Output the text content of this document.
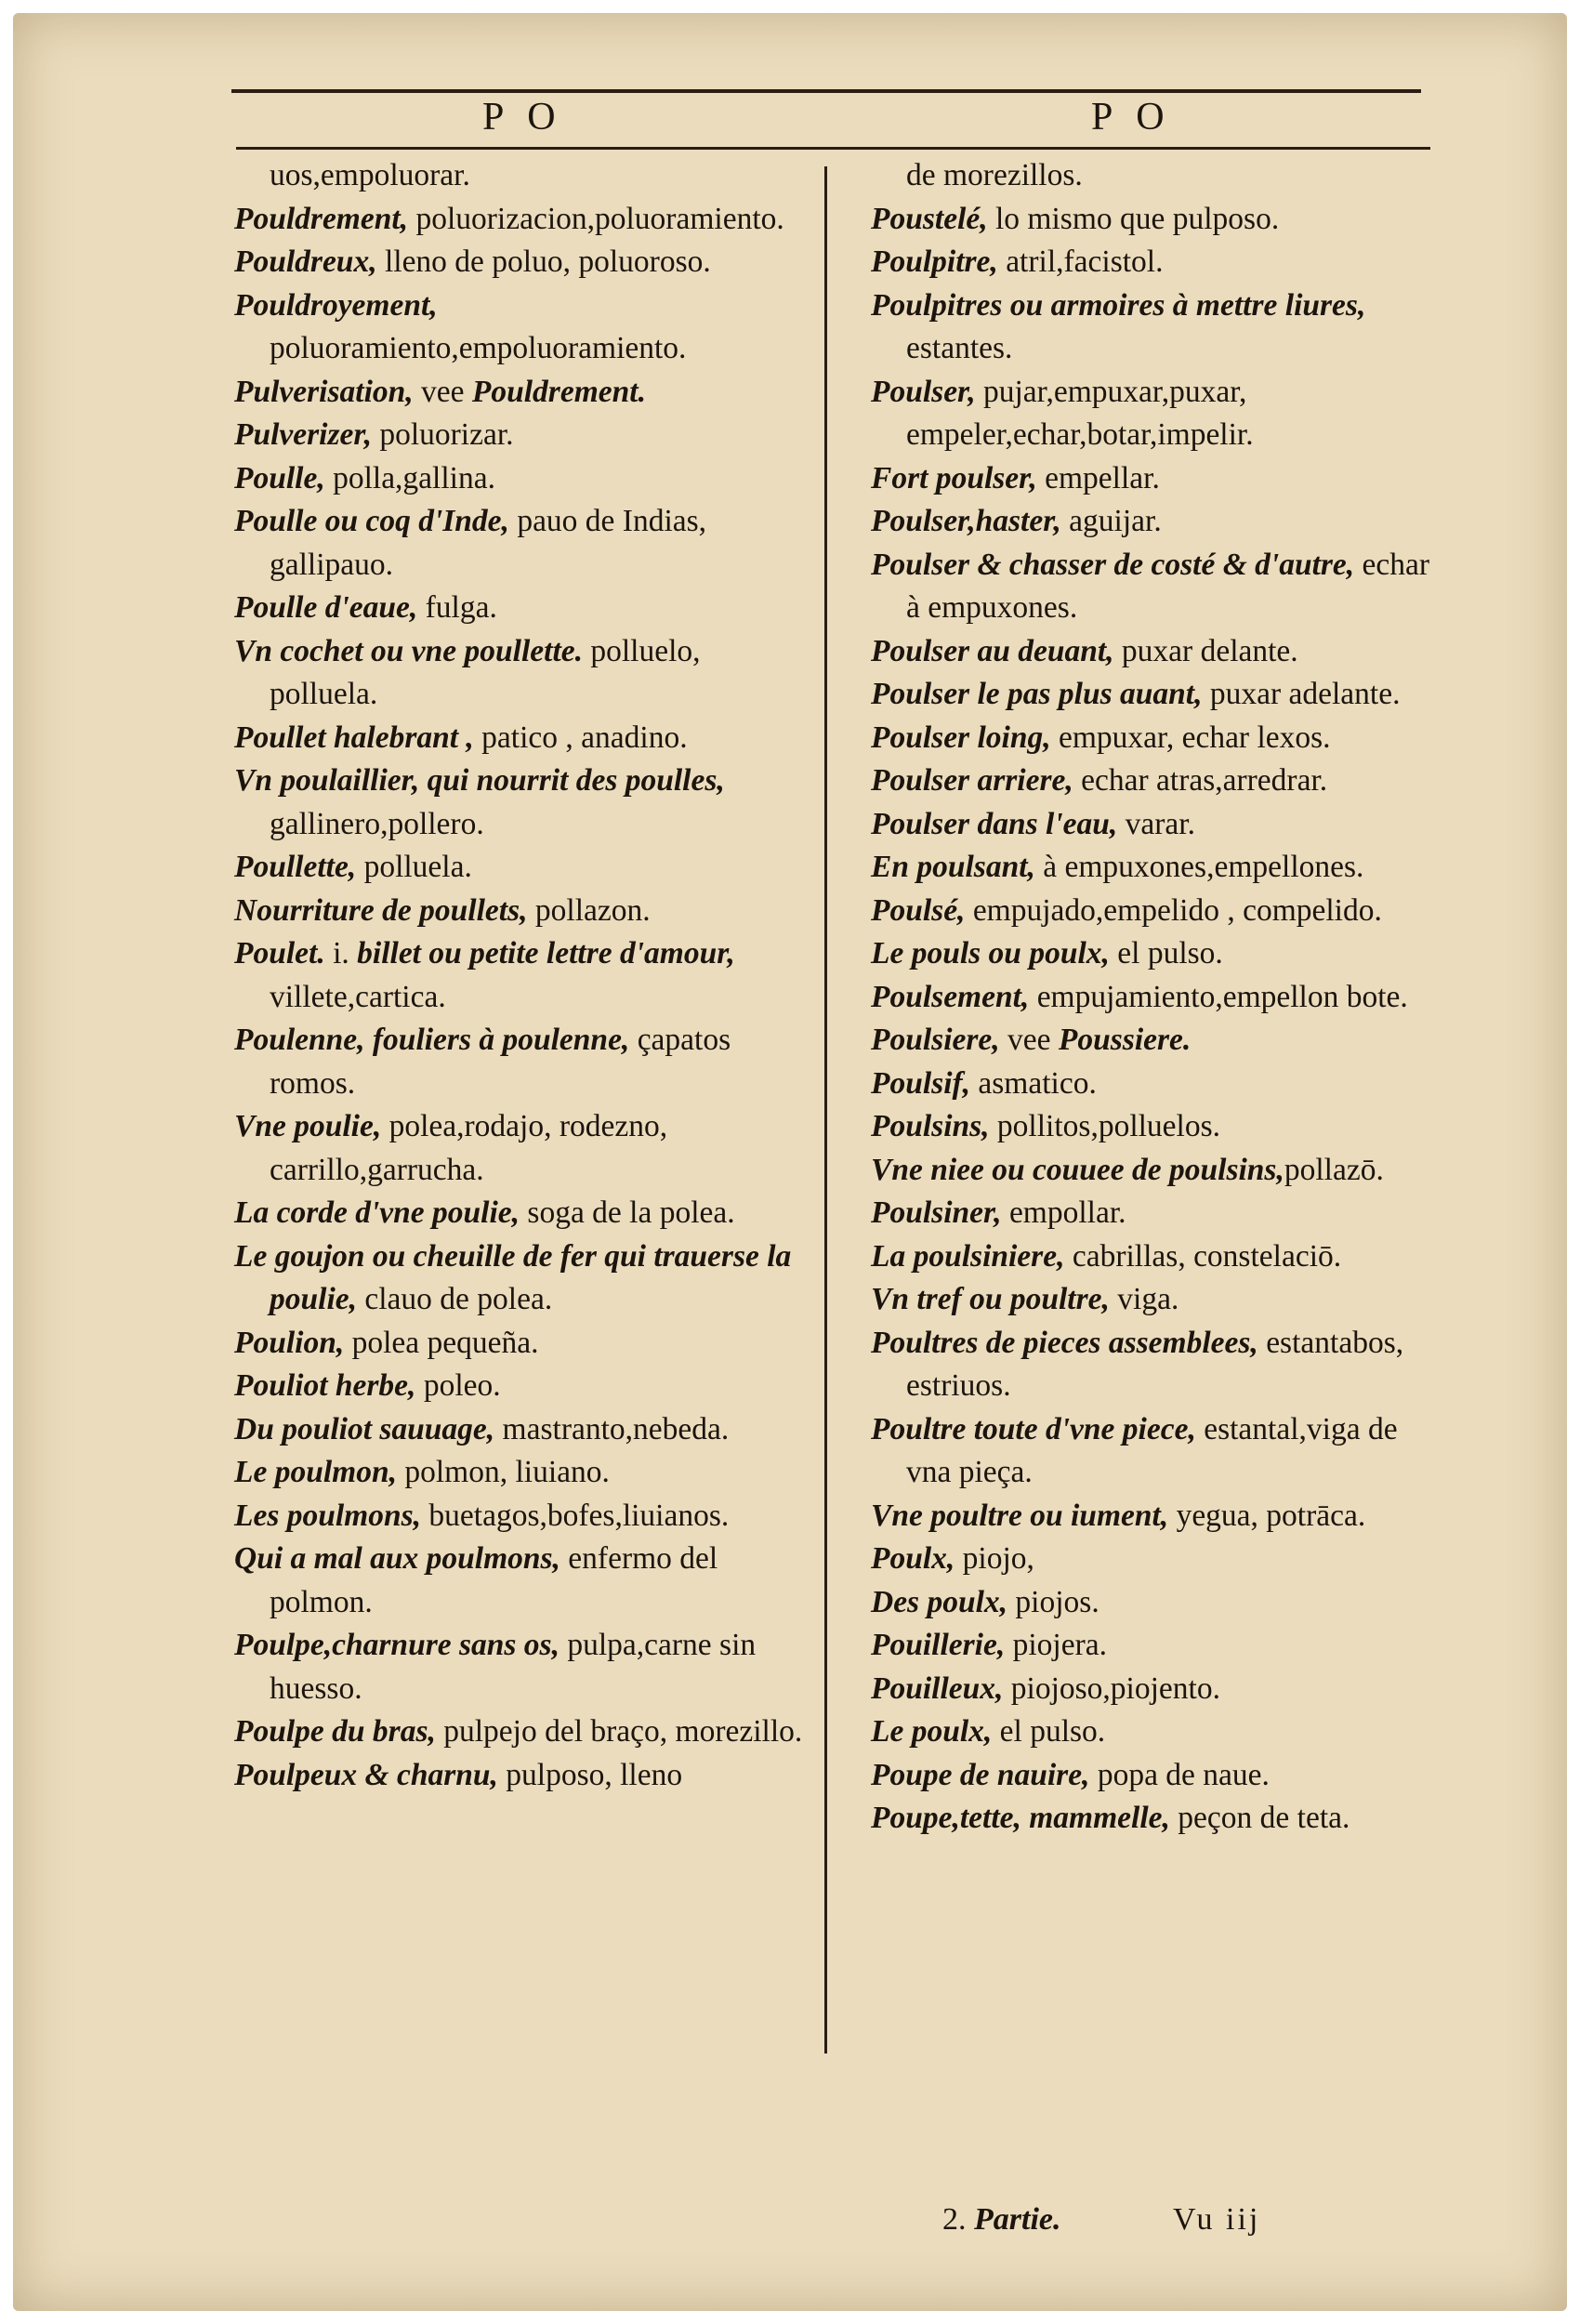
P O	P O
uos,empoluorar.
Pouldrement, poluorizacion,poluoramiento.
Pouldreux, lleno de poluo, poluoroso.
Pouldroyement, poluoramiento,empoluoramiento.
Pulverisation, vee Pouldrement.
Pulverizer, poluorizar.
Poulle, polla,gallina.
Poulle ou coq d'Inde, pauo de Indias, gallipauo.
Poulle d'eaue, fulga.
Vn cochet ou vne poullette. polluelo, polluela.
Poullet halebrant , patico , anadino.
Vn poulaillier, qui nourrit des poulles, gallinero,pollero.
Poullette, polluela.
Nourriture de poullets, pollazon.
Poulet. i. billet ou petite lettre d'amour, villete,cartica.
Poulenne, fouliers à poulenne, çapatos romos.
Vne poulie, polea,rodajo, rodezno, carrillo,garrucha.
La corde d'vne poulie, soga de la polea.
Le goujon ou cheuille de fer qui trauerse la poulie, clauo de polea.
Poulion, polea pequeña.
Pouliot herbe, poleo.
Du pouliot sauuage, mastranto,nebeda.
Le poulmon, polmon, liuiano.
Les poulmons, buetagos,bofes,liuianos.
Qui a mal aux poulmons, enfermo del polmon.
Poulpe,charnure sans os, pulpa,carne sin huesso.
Poulpe du bras, pulpejo del braço, morezillo.
Poulpeux & charnu, pulposo, lleno
de morezillos.
Poustelé, lo mismo que pulposo.
Poulpitre, atril,facistol.
Poulpitres ou armoires à mettre liures, estantes.
Poulser, pujar,empuxar,puxar, empeler,echar,botar,impelir.
Fort poulser, empellar.
Poulser,haster, aguijar.
Poulser & chasser de costé & d'autre, echar à empuxones.
Poulser au deuant, puxar delante.
Poulser le pas plus auant, puxar adelante.
Poulser loing, empuxar, echar lexos.
Poulser arriere, echar atras,arredrar.
Poulser dans l'eau, varar.
En poulsant, à empuxones,empellones.
Poulsé, empujado,empelido , compelido.
Le pouls ou poulx, el pulso.
Poulsement, empujamiento,empellon bote.
Poulsiere, vee Poussiere.
Poulsif, asmatico.
Poulsins, pollitos,polluelos.
Vne niee ou couuee de poulsins,pollazō.
Poulsiner, empollar.
La poulsiniere, cabrillas, constelaciō.
Vn tref ou poultre, viga.
Poultres de pieces assemblees, estantabos, estriuos.
Poultre toute d'vne piece, estantal,viga de vna pieça.
Vne poultre ou iument, yegua, potrāca.
Poulx, piojo,
Des poulx, piojos.
Pouillerie, piojera.
Pouilleux, piojoso,piojento.
Le poulx, el pulso.
Poupe de nauire, popa de naue.
Poupe,tette, mammelle, peçon de teta.
2. Partie.	Vu iij
